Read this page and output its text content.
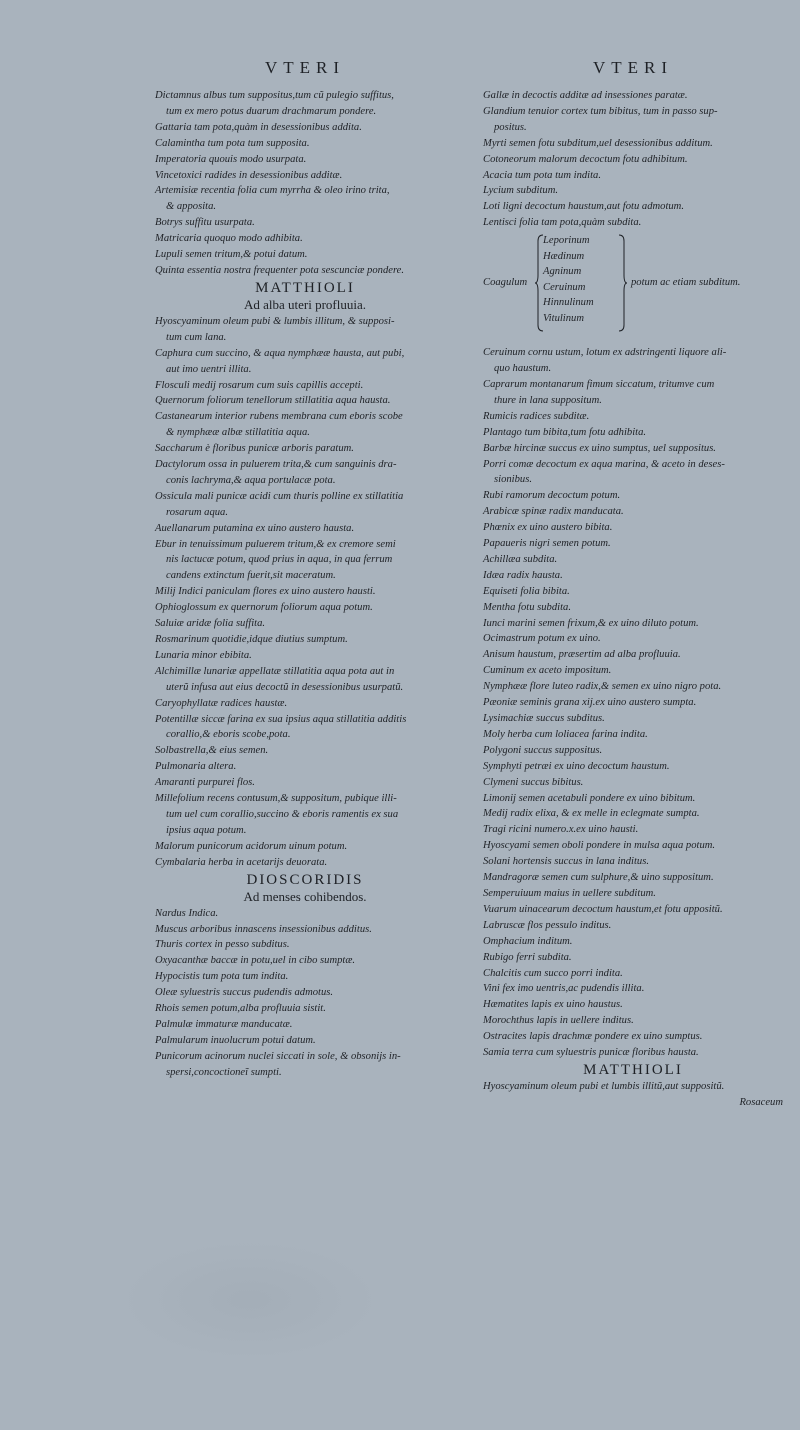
VTERI

Dictamnus albus tum suppositus,tum cũ pulegio suffitus,
tum ex mero potus duarum drachmarum pondere.

Gattaria tam pota,quàm in desessionibus addita.

Calamintha tum pota tum supposita.

Imperatoria quouis modo usurpata.

Vincetoxici radides in desessionibus additæ.

Artemisiæ recentia folia cum myrrha & oleo irino trita,
& apposita.

Botrys suffitu usurpata.

Matricaria quoquo modo adhibita.

Lupuli semen tritum,& potui datum.

Quinta essentia nostra frequenter pota sescunciæ pondere.

MATTHIOLI
Ad alba uteri profluuia.

Hyoscyaminum oleum pubi & lumbis illitum, & supposi-
tum cum lana.

Caphura cum succino, & aqua nymphææ hausta, aut pubi,
aut imo uentri illita.

Flosculi medij rosarum cum suis capillis accepti.

Quernorum foliorum tenellorum stillatitia aqua hausta.

Castanearum interior rubens membrana cum eboris scobe
& nymphææ albæ stillatitia aqua.

Saccharum è floribus punicæ arboris paratum.

Dactylorum ossa in puluerem trita,& cum sanguinis dra-
conis lachryma,& aqua portulacæ pota.

Ossicula mali punicæ acidi cum thuris polline ex stillatitia
rosarum aqua.

Auellanarum putamina ex uino austero hausta.

Ebur in tenuissimum puluerem tritum,& ex cremore semi
nis lactucæ potum, quod prius in aqua, in qua ferrum
candens extinctum fuerit,sit maceratum.

Milij Indici paniculam flores ex uino austero hausti.

Ophioglossum ex quernorum foliorum aqua potum.

Saluiæ aridæ folia suffita.

Rosmarinum quotidie,idque diutius sumptum.

Lunaria minor ebibita.

Alchimillæ lunariæ appellatæ stillatitia aqua pota aut in
uterũ infusa aut eius decoctũ in desessionibus usurpatũ.

Caryophyllatæ radices haustæ.

Potentillæ siccæ farina ex sua ipsius aqua stillatitia additis
corallio,& eboris scobe,pota.

Solbastrella,& eius semen.

Pulmonaria altera.

Amaranti purpurei flos.

Millefolium recens contusum,& suppositum, pubique illi-
tum uel cum corallio,succino & eboris ramentis ex sua
ipsius aqua potum.

Malorum punicorum acidorum uinum potum.

Cymbalaria herba in acetarijs deuorata.

DIOSCORIDIS
Ad menses cohibendos.

Nardus Indica.

Muscus arboribus innascens insessionibus additus.

Thuris cortex in pesso subditus.

Oxyacanthæ baccæ in potu,uel in cibo sumptæ.

Hypocistis tum pota tum indita.

Oleæ syluestris succus pudendis admotus.

Rhois semen potum,alba profluuia sistit.

Palmulæ immaturæ manducatæ.

Palmularum inuolucrum potui datum.

Punicorum acinorum nuclei siccati in sole, & obsonijs in-
spersi,concoctioneĩ sumpti.

VTERI

Gallæ in decoctis additæ ad insessiones paratæ.

Glandium tenuior cortex tum bibitus, tum in passo sup-
positus.

Myrti semen fotu subditum,uel desessionibus additum.

Cotoneorum malorum decoctum fotu adhibitum.

Acacia tum pota tum indita.

Lycium subditum.

Loti ligni decoctum haustum,aut fotu admotum.

Lentisci folia tam pota,quàm subdita.

Coagulum
Leporinum
Hædinum
Agninum
Ceruinum
Hinnulinum
Vitulinum
potum ac etiam subditum.

Ceruinum cornu ustum, lotum ex adstringenti liquore ali-
quo haustum.

Caprarum montanarum fimum siccatum, tritumve cum
thure in lana suppositum.

Rumicis radices subditæ.

Plantago tum bibita,tum fotu adhibita.

Barbæ hircinæ succus ex uino sumptus, uel suppositus.

Porri comæ decoctum ex aqua marina, & aceto in deses-
sionibus.

Rubi ramorum decoctum potum.

Arabicæ spinæ radix manducata.

Phœnix ex uino austero bibita.

Papaueris nigri semen potum.

Achillæa subdita.

Idæa radix hausta.

Equiseti folia bibita.

Mentha fotu subdita.

Iunci marini semen frixum,& ex uino diluto potum.

Ocimastrum potum ex uino.

Anisum haustum, præsertim ad alba profluuia.

Cuminum ex aceto impositum.

Nymphææ flore luteo radix,& semen ex uino nigro pota.

Pæoniæ seminis grana xij.ex uino austero sumpta.

Lysimachiæ succus subditus.

Moly herba cum loliacea farina indita.

Polygoni succus suppositus.

Symphyti petræi ex uino decoctum haustum.

Clymeni succus bibitus.

Limonij semen acetabuli pondere ex uino bibitum.

Medij radix elixa, & ex melle in eclegmate sumpta.

Tragi ricini numero.x.ex uino hausti.

Hyoscyami semen oboli pondere in mulsa aqua potum.

Solani hortensis succus in lana inditus.

Mandragoræ semen cum sulphure,& uino suppositum.

Semperuiuum maius in uellere subditum.

Vuarum uinacearum decoctum haustum,et fotu appositũ.

Labruscæ flos pessulo inditus.

Omphacium inditum.

Rubigo ferri subdita.

Chalcitis cum succo porri indita.

Vini fex imo uentris,ac pudendis illita.

Hæmatites lapis ex uino haustus.

Morochthus lapis in uellere inditus.

Ostracites lapis drachmæ pondere ex uino sumptus.

Samia terra cum syluestris punicæ floribus hausta.

MATTHIOLI

Hyoscyaminum oleum pubi et lumbis illitũ,aut suppositũ.

Rosaceum
